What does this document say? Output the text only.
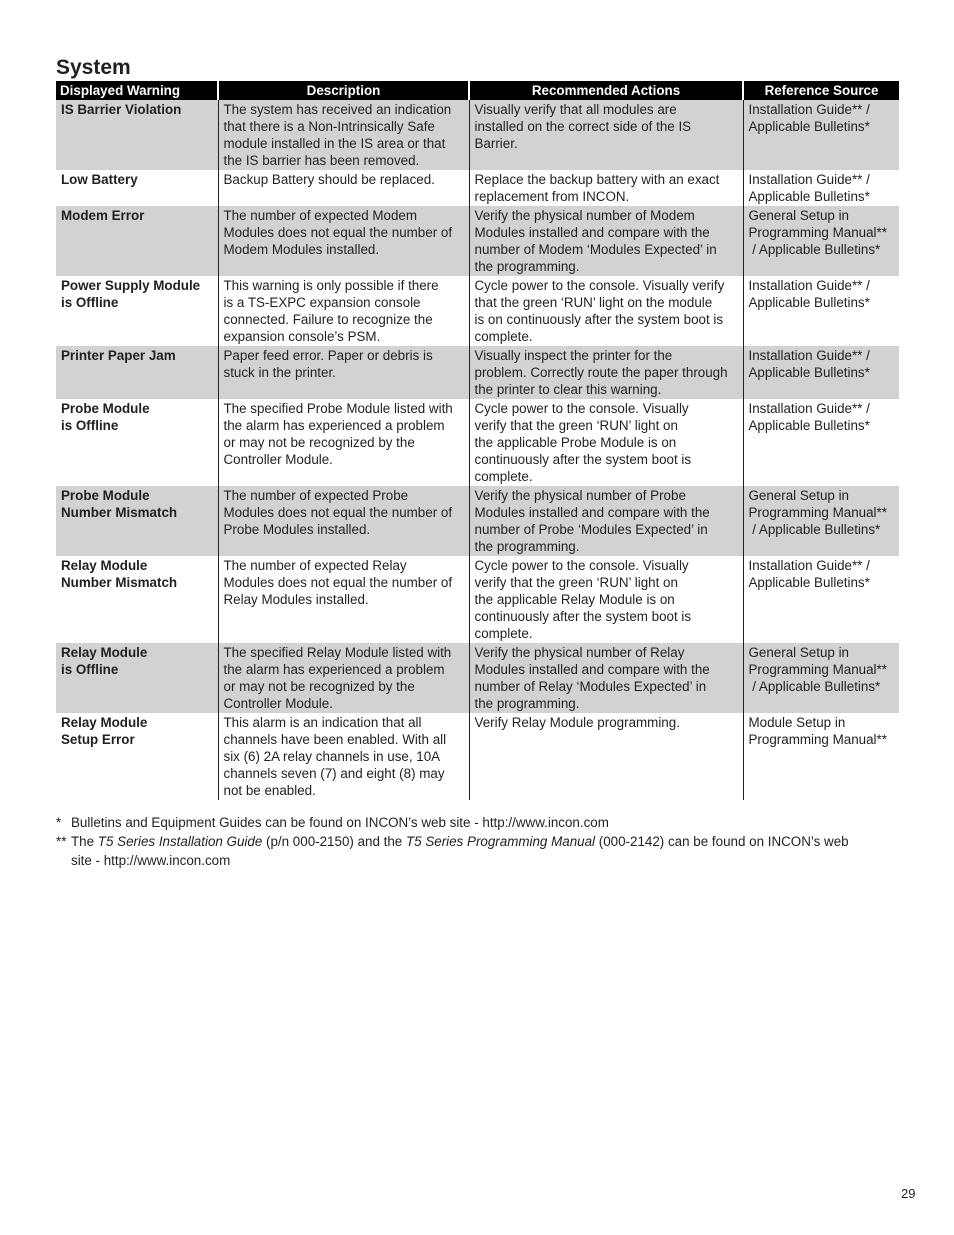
System
Displayed Warning	Description	Recommended Actions	Reference Source

IS Barrier Violation	The system has received an indication
that there is a Non-Intrinsically Safe
module installed in the IS area or that
the IS barrier has been removed.	Visually verify that all modules are
installed on the correct side of the IS
Barrier.	Installation Guide** /
Applicable Bulletins*

Low Battery	Backup Battery should be replaced.	Replace the backup battery with an exact
replacement from INCON.	Installation Guide** /
Applicable Bulletins*

Modem Error	The number of expected Modem
Modules does not equal the number of
Modem Modules installed.	Verify the physical number of Modem
Modules installed and compare with the
number of Modem ‘Modules Expected’ in
the programming.	General Setup in
Programming Manual**
/ Applicable Bulletins*

Power Supply Module
is Offline	This warning is only possible if there
is a TS-EXPC expansion console
connected. Failure to recognize the
expansion console’s PSM.	Cycle power to the console. Visually verify
that the green ‘RUN’ light on the module
is on continuously after the system boot is
complete.	Installation Guide** /
Applicable Bulletins*

Printer Paper Jam	Paper feed error. Paper or debris is
stuck in the printer.	Visually inspect the printer for the
problem. Correctly route the paper through
the printer to clear this warning.	Installation Guide** /
Applicable Bulletins*

Probe Module
is Offline	The specified Probe Module listed with
the alarm has experienced a problem
or may not be recognized by the
Controller Module.	Cycle power to the console. Visually
verify that the green ‘RUN’ light on
the applicable Probe Module is on
continuously after the system boot is
complete.	Installation Guide** /
Applicable Bulletins*

Probe Module
Number Mismatch	The number of expected Probe
Modules does not equal the number of
Probe Modules installed.	Verify the physical number of Probe
Modules installed and compare with the
number of Probe ‘Modules Expected’ in
the programming.	General Setup in
Programming Manual**
/ Applicable Bulletins*

Relay Module
Number Mismatch	The number of expected Relay
Modules does not equal the number of
Relay Modules installed.	Cycle power to the console. Visually
verify that the green ‘RUN’ light on
the applicable Relay Module is on
continuously after the system boot is
complete.	Installation Guide** /
Applicable Bulletins*

Relay Module
is Offline	The specified Relay Module listed with
the alarm has experienced a problem
or may not be recognized by the
Controller Module.	Verify the physical number of Relay
Modules installed and compare with the
number of Relay ‘Modules Expected’ in
the programming.	General Setup in
Programming Manual**
/ Applicable Bulletins*

Relay Module
Setup Error	This alarm is an indication that all
channels have been enabled. With all
six (6) 2A relay channels in use, 10A
channels seven (7) and eight (8) may
not be enabled.	Verify Relay Module programming.	Module Setup in
Programming Manual**
* Bulletins and Equipment Guides can be found on INCON’s web site - http://www.incon.com
** The T5 Series Installation Guide (p/n 000-2150) and the T5 Series Programming Manual (000-2142) can be found on INCON’s web
site - http://www.incon.com
29
